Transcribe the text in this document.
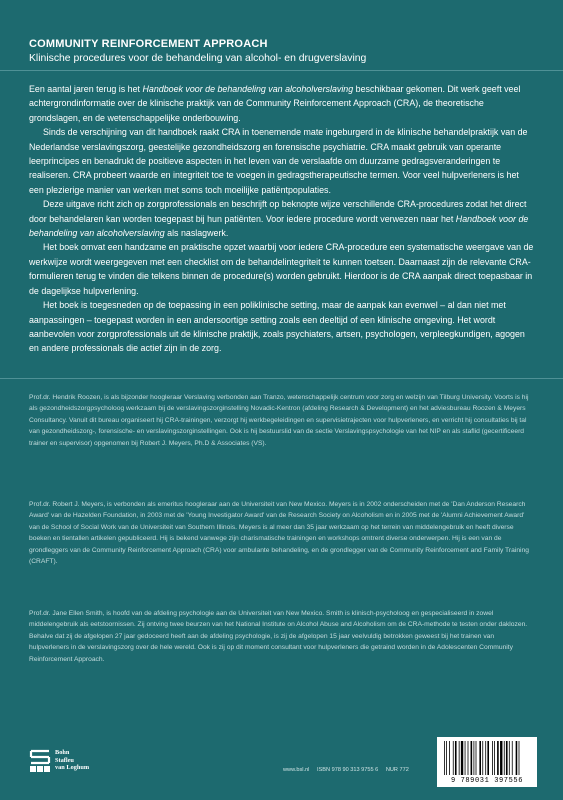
COMMUNITY REINFORCEMENT APPROACH
Klinische procedures voor de behandeling van alcohol- en drugverslaving

Een aantal jaren terug is het Handboek voor de behandeling van alcoholverslaving beschikbaar gekomen. Dit werk geeft veel achtergrondinformatie over de klinische praktijk van de Community Reinforcement Approach (CRA), de theoretische grondslagen, en de wetenschappelijke onderbouwing.

Sinds de verschijning van dit handboek raakt CRA in toenemende mate ingeburgerd in de klinische behandelpraktijk van de Nederlandse verslavingszorg, geestelijke gezondheidszorg en forensische psychiatrie. CRA maakt gebruik van operante leerprincipes en benadrukt de positieve aspecten in het leven van de verslaafde om duurzame gedragsveranderingen te realiseren. CRA probeert waarde en integriteit toe te voegen in gedragstherapeutische termen. Voor veel hulpverleners is het een plezierige manier van werken met soms toch moeilijke patiëntpopulaties.

Deze uitgave richt zich op zorgprofessionals en beschrijft op beknopte wijze verschillende CRA-procedures zodat het direct door behandelaren kan worden toegepast bij hun patiënten. Voor iedere procedure wordt verwezen naar het Handboek voor de behandeling van alcoholverslaving als naslagwerk.

Het boek omvat een handzame en praktische opzet waarbij voor iedere CRA-procedure een systematische weergave van de werkwijze wordt weergegeven met een checklist om de behandelintegriteit te kunnen toetsen. Daarnaast zijn de relevante CRA-formulieren terug te vinden die telkens binnen de procedure(s) worden gebruikt. Hierdoor is de CRA aanpak direct toepasbaar in de dagelijkse hulpverlening.

Het boek is toegesneden op de toepassing in een poliklinische setting, maar de aanpak kan evenwel – al dan niet met aanpassingen – toegepast worden in een andersoortige setting zoals een deeltijd of een klinische omgeving. Het wordt aanbevolen voor zorgprofessionals uit de klinische praktijk, zoals psychiaters, artsen, psychologen, verpleegkundigen, agogen en andere professionals die actief zijn in de zorg.

Prof.dr. Hendrik Roozen, is als bijzonder hoogleraar Verslaving verbonden aan Tranzo, wetenschappelijk centrum voor zorg en welzijn van Tilburg University. Voorts is hij als gezondheidszorgpsycholoog werkzaam bij de verslavingszorginstelling Novadic-Kentron (afdeling Research & Development) en het adviesbureau Roozen & Meyers Consultancy. Vanuit dit bureau organiseert hij CRA-trainingen, verzorgt hij werkbegeleidingen en supervisietrajecten voor hulpverleners, en verricht hij consultaties bij tal van gezondheidszorg-, forensische- en verslavingszorginstellingen. Ook is hij bestuurslid van de sectie Verslavingspsychologie van het NIP en als staflid (gecertificeerd trainer en supervisor) opgenomen bij Robert J. Meyers, Ph.D & Associates (VS).

Prof.dr. Robert J. Meyers, is verbonden als emeritus hoogleraar aan de Universiteit van New Mexico. Meyers is in 2002 onderscheiden met de 'Dan Anderson Research Award' van de Hazelden Foundation, in 2003 met de 'Young Investigator Award' van de Research Society on Alcoholism en in 2005 met de 'Alumni Achievement Award' van de School of Social Work van de Universiteit van Southern Illinois. Meyers is al meer dan 35 jaar werkzaam op het terrein van middelengebruik en heeft diverse boeken en tientallen artikelen gepubliceerd. Hij is bekend vanwege zijn charismatische trainingen en workshops omtrent diverse onderwerpen. Hij is een van de grondleggers van de Community Reinforcement Approach (CRA) voor ambulante behandeling, en de grondlegger van de Community Reinforcement and Family Training (CRAFT).

Prof.dr. Jane Ellen Smith, is hoofd van de afdeling psychologie aan de Universiteit van New Mexico. Smith is klinisch-psycholoog en gespecialiseerd in zowel middelengebruik als eetstoornissen. Zij ontving twee beurzen van het National Institute on Alcohol Abuse and Alcoholism om de CRA-methode te testen onder daklozen. Behalve dat zij de afgelopen 27 jaar gedoceerd heeft aan de afdeling psychologie, is zij de afgelopen 15 jaar veelvuldig betrokken geweest bij het trainen van hulpverleners in de verslavingszorg over de hele wereld. Ook is zij op dit moment consultant voor hulpverleners die getraind worden in de Adolescenten Community Reinforcement Approach.

Bohn
Stafleu
van Loghum	www.bsl.nl ISBN 978 90 313 9755 6 NUR 772
9 789031 397556
